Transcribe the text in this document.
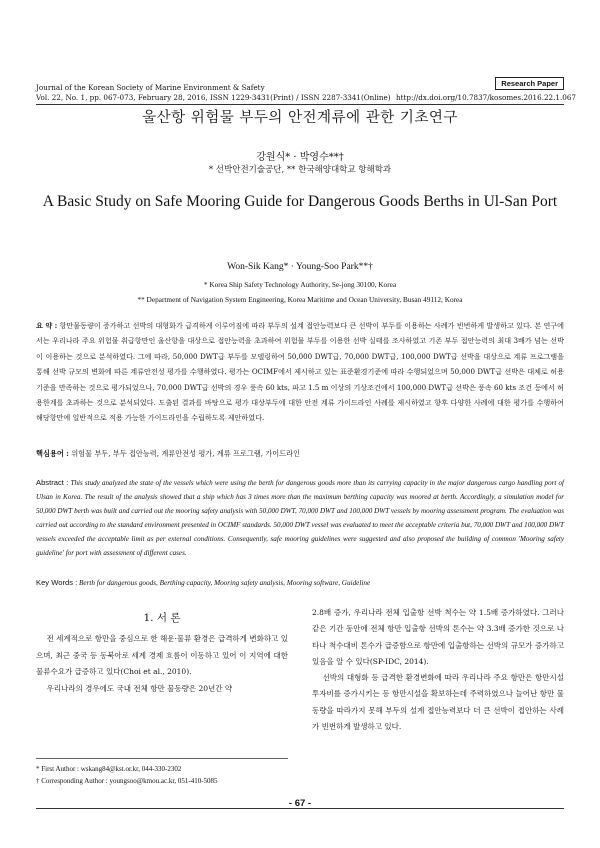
Research Paper
Journal of the Korean Society of Marine Environment & Safety
Vol. 22, No. 1, pp. 067-073, February 28, 2016, ISSN 1229-3431(Print) / ISSN 2287-3341(Online) http://dx.doi.org/10.7837/kosomes.2016.22.1.067
울산항 위험물 부두의 안전계류에 관한 기초연구
강원식* · 박영수**†
* 선박안전기술공단, ** 한국해양대학교 항해학과
A Basic Study on Safe Mooring Guide for Dangerous Goods Berths in Ul-San Port
Won-Sik Kang* · Young-Soo Park**†
* Korea Ship Safety Technology Authority, Se-jong 30100, Korea
** Department of Navigation System Engineering, Korea Maritime and Ocean University, Busan 49112, Korea
요 약 : 항만물동량이 증가하고 선박의 대형화가 급격하게 이루어짐에 따라 부두의 설계 접안능력보다 큰 선박이 부두를 이용하는 사례가 빈번하게 발생하고 있다. 본 연구에서는 우리나라 주요 위험물 취급항만인 울산항을 대상으로 접안능력을 초과하여 위험물 부두를 이용한 선박 실태를 조사하였고 기존 부두 접안능력의 최대 3배가 넘는 선박이 이용하는 것으로 분석하였다. 그에 따라, 50,000 DWT급 부두를 모델링하여 50,000 DWT급, 70,000 DWT급, 100,000 DWT급 선박을 대상으로 계류 프로그램을 통해 선박 규모의 변화에 따른 계류안전성 평가를 수행하였다. 평가는 OCIMF에서 제시하고 있는 표준환경기준에 따라 수행되었으며 50,000 DWT급 선박은 대체로 허용기준을 만족하는 것으로 평가되었으나, 70,000 DWT급 선박의 경우 풍속 60 kts, 파고 1.5 m 이상의 기상조건에서 100,000 DWT급 선박은 풍속 60 kts 조건 등에서 허용한계를 초과하는 것으로 분석되었다. 도출된 결과를 바탕으로 평가 대상부두에 대한 안전 계류 가이드라인 사례를 제시하였고 향후 다양한 사례에 대한 평가를 수행하여 해당항만에 일반적으로 적용 가능한 가이드라인을 수립하도록 제안하였다.
핵심용어 : 위험물 부두, 부두 접안능력, 계류안전성 평가, 계류 프로그램, 가이드라인
Abstract : This study analyzed the state of the vessels which were using the berth for dangerous goods more than its carrying capacity in the major dangerous cargo handling port of Ulsan in Korea. The result of the analysis showed that a ship which has 3 times more than the maximum berthing capacity was moored at berth. Accordingly, a simulation model for 50,000 DWT berth was built and carried out the mooring safety analysis with 50,000 DWT, 70,000 DWT and 100,000 DWT vessels by mooring assessment program. The evaluation was carried out according to the standard environment presented in OCIMF standards. 50,000 DWT vessel was evaluated to meet the acceptable criteria but, 70,000 DWT and 100,000 DWT vessels exceeded the acceptable limit as per external conditions. Consequently, safe mooring guidelines were suggested and also proposed the building of common 'Mooring safety guideline' for port with assessment of different cases.
Key Words : Berth for dangerous goods, Berthing capacity, Mooring safety analysis, Mooring software, Guideline
1. 서 론

전 세계적으로 항만을 중심으로 한 해운·물류 환경은 급격하게 변화하고 있으며, 최근 중국 등 동북아로 세계 경제 흐름이 이동하고 있어 이 지역에 대한 물류수요가 급증하고 있다(Choi et al., 2010).

우리나라의 경우에도 국내 전체 항만 물동량은 20년간 약

2.8배 증가, 우리나라 전체 입출항 선박 척수는 약 1.5배 증가하였다. 그러나 같은 기간 동안에 전체 항만 입출항 선박의 톤수는 약 3.3배 증가한 것으로 나타나 척수대비 톤수가 급증함으로 항만에 입출항하는 선박의 규모가 증가하고 있음을 알 수 있다(SP-IDC, 2014).

선박의 대형화 등 급격한 환경변화에 따라 우리나라 주요 항만은 항만시설 투자비를 증가시키는 등 항만시설을 확보하는데 주력하였으나 늘어난 항만 물동량을 따라가지 못해 부두의 설계 접안능력보다 더 큰 선박이 접안하는 사례가 빈번하게 발생하고 있다.

* First Author : wskang84@kst.or.kr, 044-330-2302
† Corresponding Author : youngsoo@kmou.ac.kr, 051-410-5085
- 67 -
